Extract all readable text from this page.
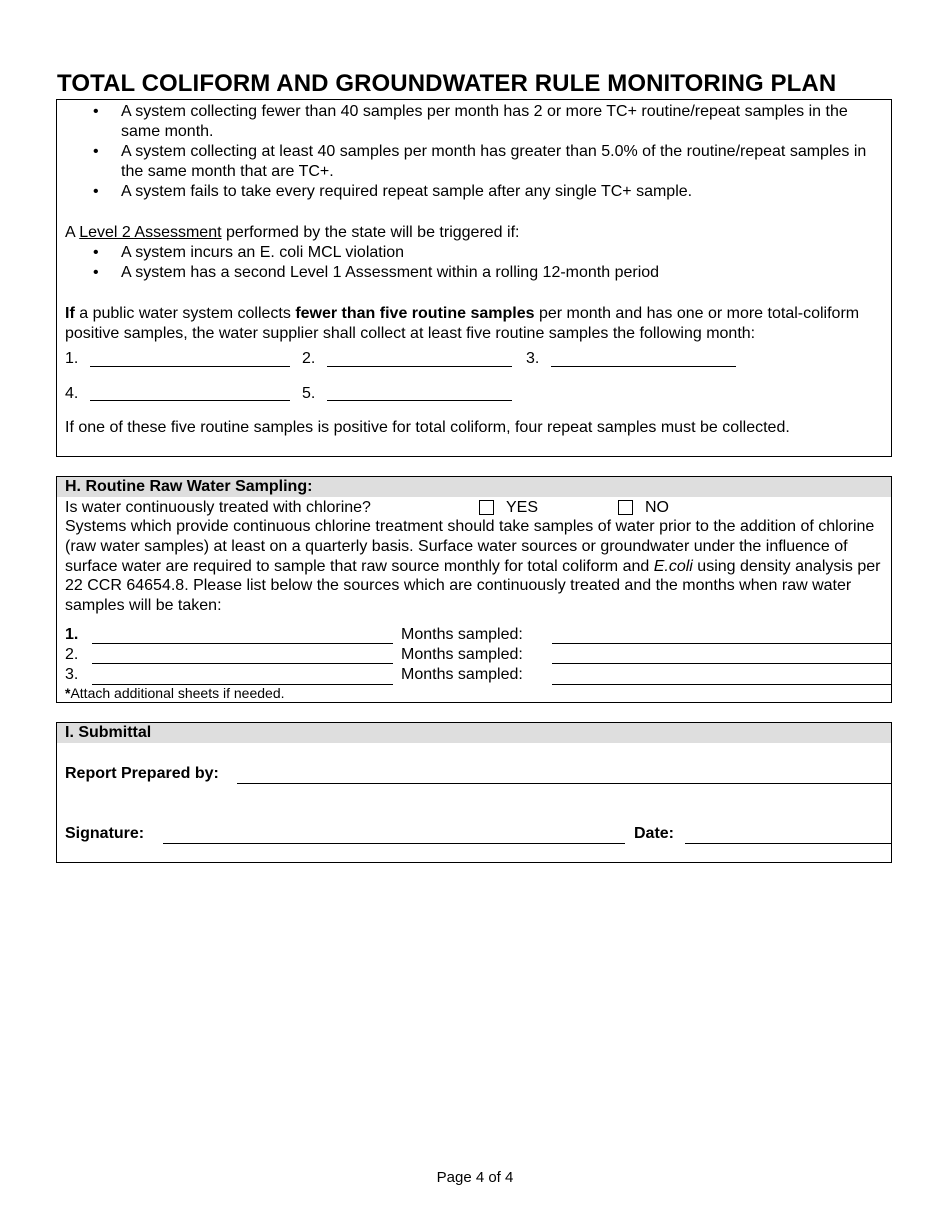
TOTAL COLIFORM AND GROUNDWATER RULE MONITORING PLAN
• A system collecting fewer than 40 samples per month has 2 or more TC+ routine/repeat samples in the same month.
• A system collecting at least 40 samples per month has greater than 5.0% of the routine/repeat samples in the same month that are TC+.
• A system fails to take every required repeat sample after any single TC+ sample.
A Level 2 Assessment performed by the state will be triggered if:
• A system incurs an E. coli MCL violation
• A system has a second Level 1 Assessment within a rolling 12-month period
If a public water system collects fewer than five routine samples per month and has one or more total-coliform positive samples, the water supplier shall collect at least five routine samples the following month:
1.	2.	3.
4.	5.
If one of these five routine samples is positive for total coliform, four repeat samples must be collected.
H. Routine Raw Water Sampling:
Is water continuously treated with chlorine?	YES	NO
Systems which provide continuous chlorine treatment should take samples of water prior to the addition of chlorine (raw water samples) at least on a quarterly basis. Surface water sources or groundwater under the influence of surface water are required to sample that raw source monthly for total coliform and E.coli using density analysis per 22 CCR 64654.8. Please list below the sources which are continuously treated and the months when raw water samples will be taken:
1.	Months sampled:
2.	Months sampled:
3.	Months sampled:
*Attach additional sheets if needed.
I. Submittal
Report Prepared by:
Signature:	Date:
Page 4 of 4
